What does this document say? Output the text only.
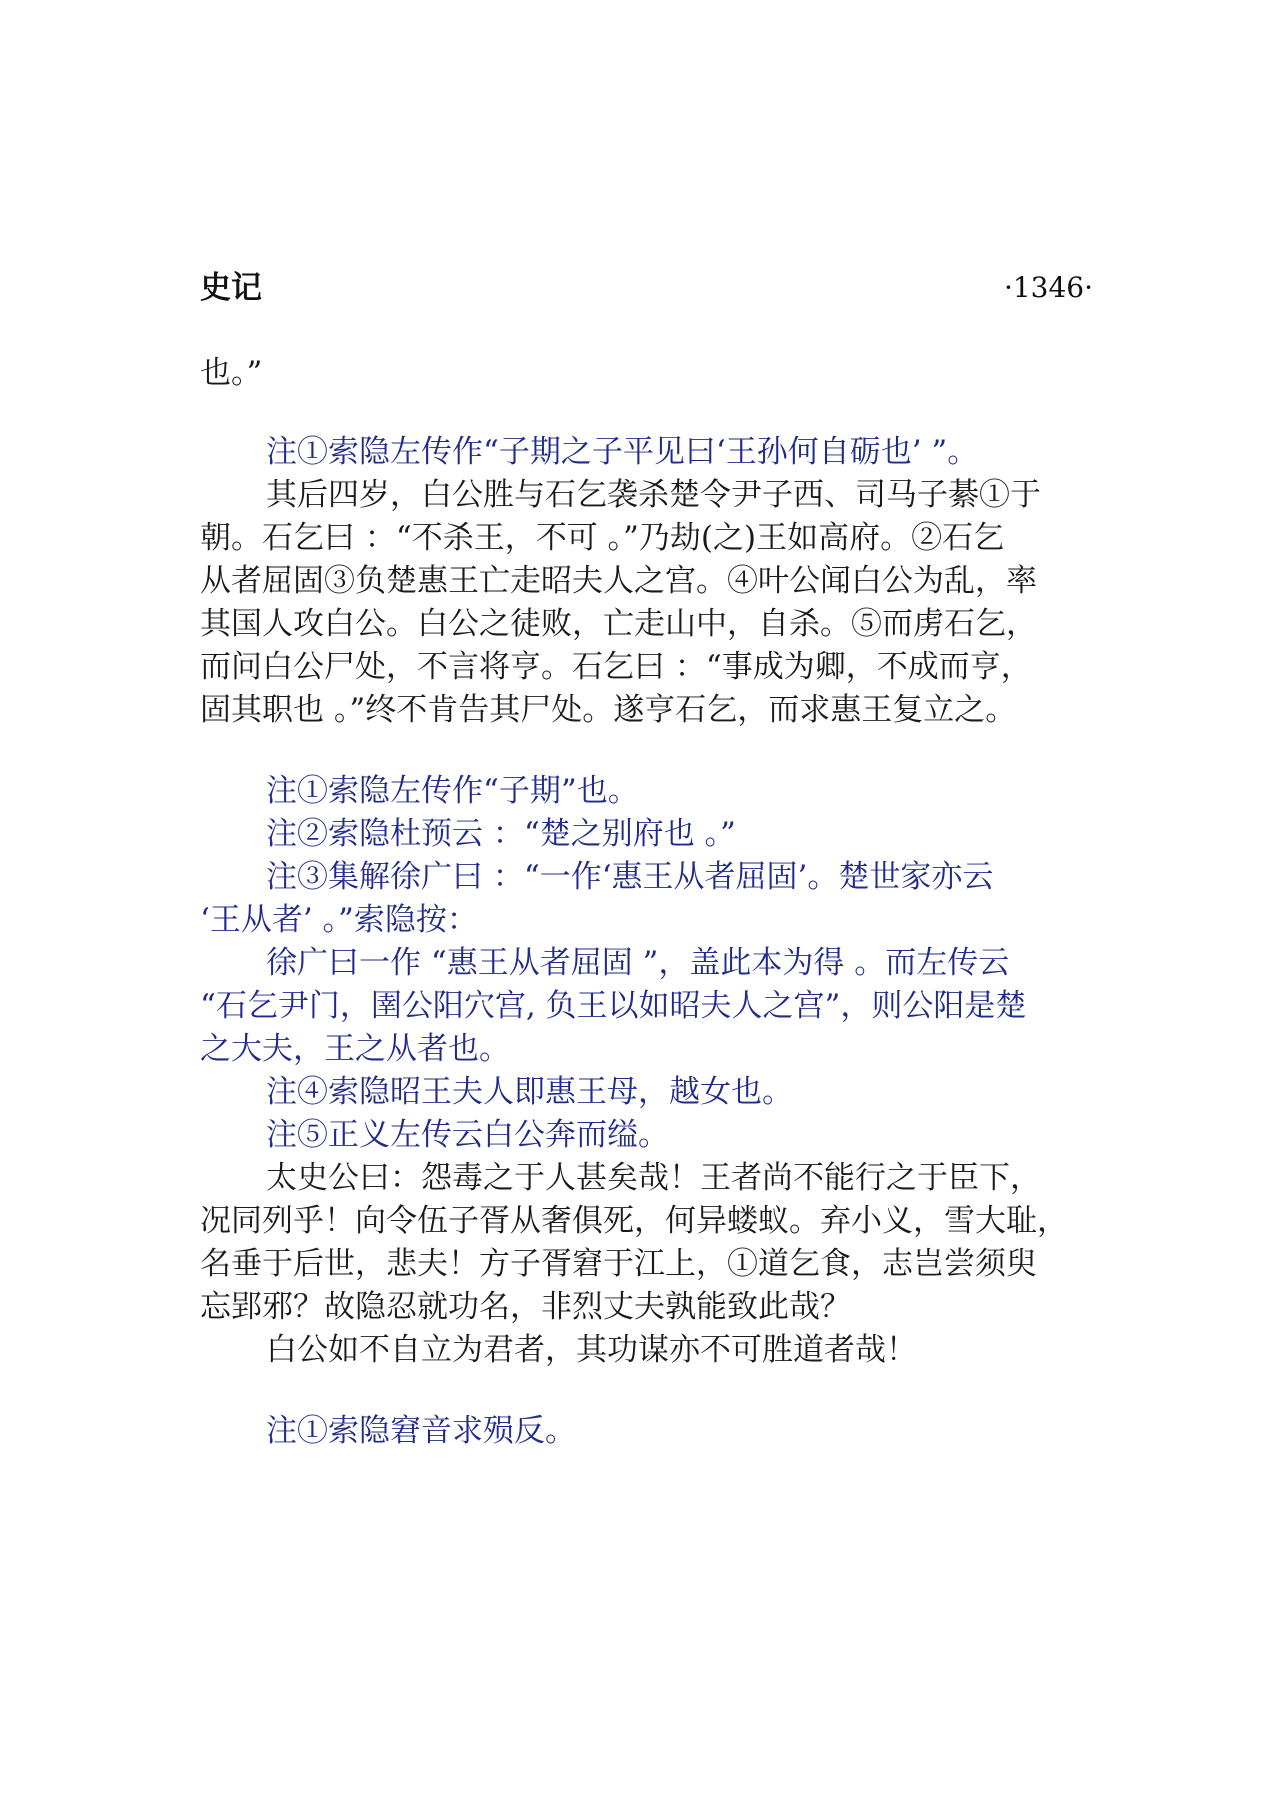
史记	·1346·
也。”
注①索隐左传作“子期之子平见曰‘王孙何自砺也’ ”。
其后四岁，白公胜与石乞袭杀楚令尹子西、司马子綦①于
朝。石乞曰 ：“不杀王，不可 。”乃劫(之)王如高府。②石乞
从者屈固③负楚惠王亡走昭夫人之宫。④叶公闻白公为乱，率
其国人攻白公。白公之徒败，亡走山中，自杀。⑤而虏石乞，
而问白公尸处，不言将亨。石乞曰 ：“事成为卿，不成而亨，
固其职也 。”终不肯告其尸处。遂亨石乞，而求惠王复立之。
注①索隐左传作“子期”也。
注②索隐杜预云 ：“楚之别府也 。”
注③集解徐广曰 ：“一作‘惠王从者屈固’。楚世家亦云
‘王从者’ 。”索隐按：
徐广曰一作 “惠王从者屈固 ”，盖此本为得 。而左传云
“石乞尹门，圉公阳穴宫, 负王以如昭夫人之宫”，则公阳是楚
之大夫，王之从者也。
注④索隐昭王夫人即惠王母，越女也。
注⑤正义左传云白公奔而缢。
太史公曰：怨毒之于人甚矣哉！王者尚不能行之于臣下，
况同列乎！向令伍子胥从奢俱死，何异蝼蚁。弃小义，雪大耻，
名垂于后世，悲夫！方子胥窘于江上，①道乞食，志岂尝须臾
忘郢邪？故隐忍就功名，非烈丈夫孰能致此哉？
白公如不自立为君者，其功谋亦不可胜道者哉！
注①索隐窘音求殒反。
